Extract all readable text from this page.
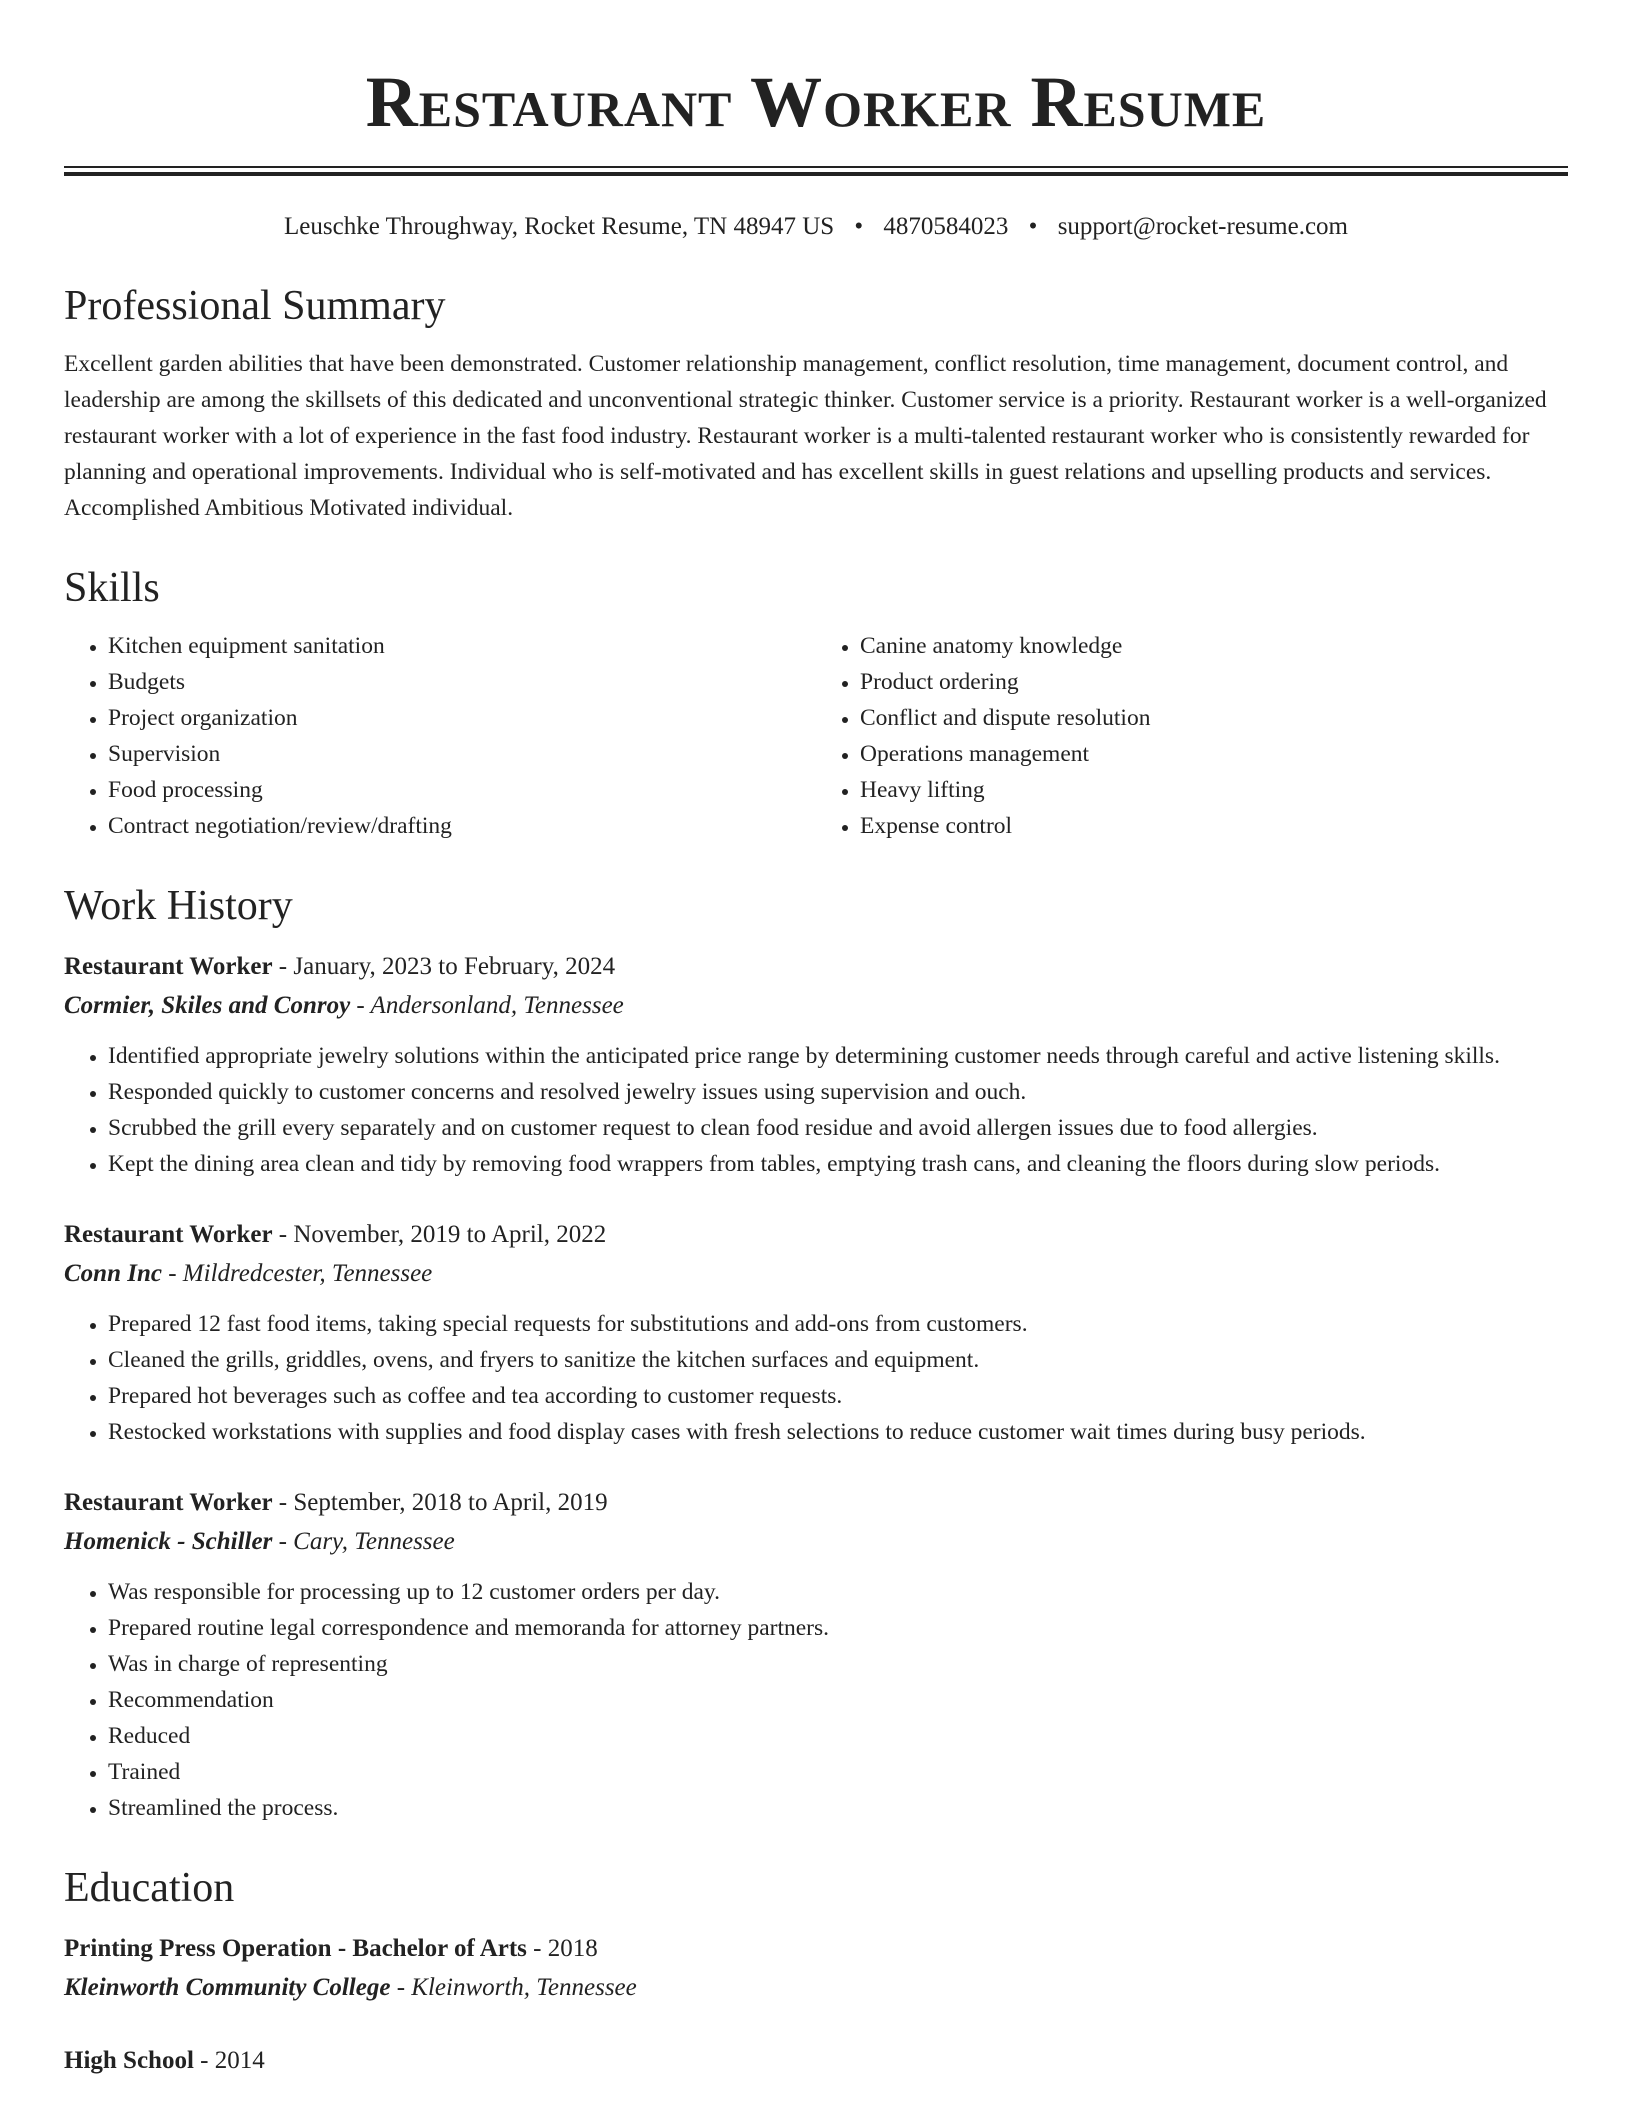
Restaurant Worker Resume
Leuschke Throughway, Rocket Resume, TN 48947 US • 4870584023 • support@rocket-resume.com
Professional Summary

Excellent garden abilities that have been demonstrated. Customer relationship management, conflict resolution, time management, document control, and leadership are among the skillsets of this dedicated and unconventional strategic thinker. Customer service is a priority. Restaurant worker is a well-organized restaurant worker with a lot of experience in the fast food industry. Restaurant worker is a multi-talented restaurant worker who is consistently rewarded for planning and operational improvements. Individual who is self-motivated and has excellent skills in guest relations and upselling products and services. Accomplished Ambitious Motivated individual.

Skills
• Kitchen equipment sanitation
• Budgets
• Project organization
• Supervision
• Food processing
• Contract negotiation/review/drafting
• Canine anatomy knowledge
• Product ordering
• Conflict and dispute resolution
• Operations management
• Heavy lifting
• Expense control
Work History
Restaurant Worker - January, 2023 to February, 2024
Cormier, Skiles and Conroy - Andersonland, Tennessee
• Identified appropriate jewelry solutions within the anticipated price range by determining customer needs through careful and active listening skills.
• Responded quickly to customer concerns and resolved jewelry issues using supervision and ouch.
• Scrubbed the grill every separately and on customer request to clean food residue and avoid allergen issues due to food allergies.
• Kept the dining area clean and tidy by removing food wrappers from tables, emptying trash cans, and cleaning the floors during slow periods.
Restaurant Worker - November, 2019 to April, 2022
Conn Inc - Mildredcester, Tennessee
• Prepared 12 fast food items, taking special requests for substitutions and add-ons from customers.
• Cleaned the grills, griddles, ovens, and fryers to sanitize the kitchen surfaces and equipment.
• Prepared hot beverages such as coffee and tea according to customer requests.
• Restocked workstations with supplies and food display cases with fresh selections to reduce customer wait times during busy periods.
Restaurant Worker - September, 2018 to April, 2019
Homenick - Schiller - Cary, Tennessee
• Was responsible for processing up to 12 customer orders per day.
• Prepared routine legal correspondence and memoranda for attorney partners.
• Was in charge of representing
• Recommendation
• Reduced
• Trained
• Streamlined the process.
Education
Printing Press Operation - Bachelor of Arts - 2018
Kleinworth Community College - Kleinworth, Tennessee
High School - 2014
